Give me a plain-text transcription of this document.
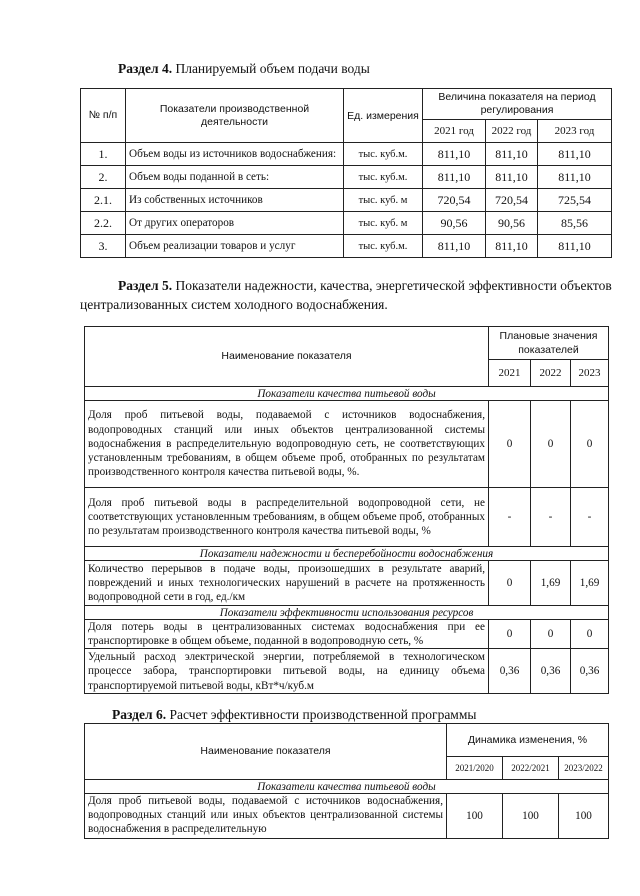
Раздел 4. Планируемый объем подачи воды
№ п/п	Показатели производственной деятельности	Ед. измерения	Величина показателя на период регулирования		
			2021 год	2022 год	2023 год
1.	Объем воды из источников водоснабжения:	тыс. куб.м.	811,10	811,10	811,10
2.	Объем воды поданной в сеть:	тыс. куб.м.	811,10	811,10	811,10
2.1.	Из собственных источников	тыс. куб. м	720,54	720,54	725,54
2.2.	От других операторов	тыс. куб. м	90,56	90,56	85,56
3.	Объем реализации товаров и услуг	тыс. куб.м.	811,10	811,10	811,10
Раздел 5. Показатели надежности, качества, энергетической эффективности объектов
централизованных систем холодного водоснабжения.
Наименование показателя	Плановые значения показателей		
	2021	2022	2023
Показатели качества питьевой воды			
Доля проб питьевой воды, подаваемой с источников водоснабжения, водопроводных станций или иных объектов централизованной системы водоснабжения в распределительную водопроводную сеть, не соответствующих установленным требованиям, в общем объеме проб, отобранных по результатам производственного контроля качества питьевой воды, %.	0	0	0
Доля проб питьевой воды в распределительной водопроводной сети, не соответствующих установленным требованиям, в общем объеме проб, отобранных по результатам производственного контроля качества питьевой воды, %	-	-	-
Показатели надежности и бесперебойности водоснабжения			
Количество перерывов в подаче воды, произошедших в результате аварий, повреждений и иных технологических нарушений в расчете на протяженность водопроводной сети в год, ед./км	0	1,69	1,69
Показатели эффективности использования ресурсов			
Доля потерь воды в централизованных системах водоснабжения при ее транспортировке в общем объеме, поданной в водопроводную сеть, %	0	0	0
Удельный расход электрической энергии, потребляемой в технологическом процессе забора, транспортировки питьевой воды, на единицу объема транспортируемой питьевой воды, кВт*ч/куб.м	0,36	0,36	0,36
Раздел 6. Расчет эффективности производственной программы
Наименование показателя	Динамика изменения, %		
	2021/2020	2022/2021	2023/2022
Показатели качества питьевой воды			
Доля проб питьевой воды, подаваемой с источников водоснабжения, водопроводных станций или иных объектов централизованной системы водоснабжения в распределительную	100	100	100
